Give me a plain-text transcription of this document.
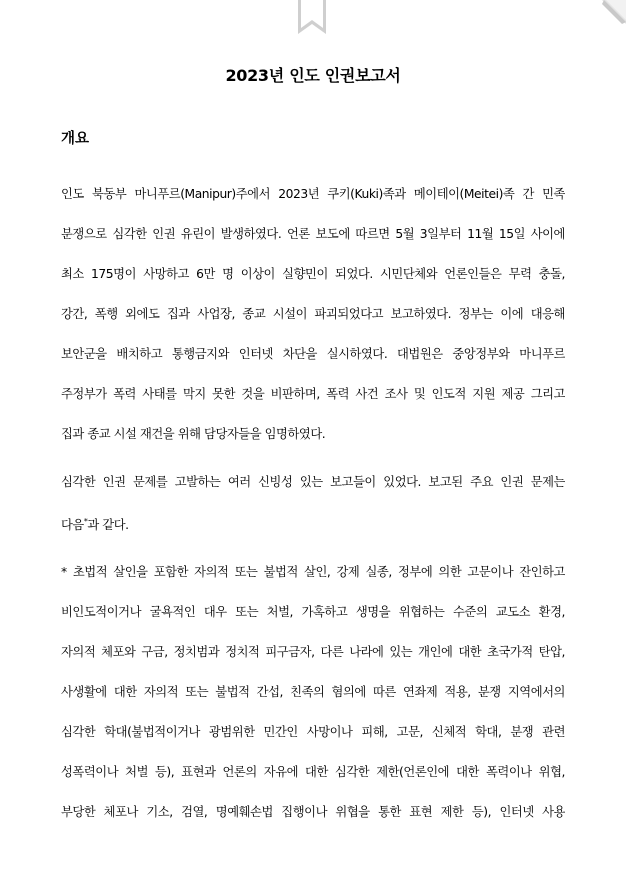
2023년 인도 인권보고서
개요
인도 북동부 마니푸르(Manipur)주에서 2023년 쿠키(Kuki)족과 메이테이(Meitei)족 간 민족
분쟁으로 심각한 인권 유린이 발생하였다. 언론 보도에 따르면 5월 3일부터 11월 15일 사이에
최소 175명이 사망하고 6만 명 이상이 실향민이 되었다. 시민단체와 언론인들은 무력 충돌,
강간, 폭행 외에도 집과 사업장, 종교 시설이 파괴되었다고 보고하였다. 정부는 이에 대응해
보안군을 배치하고 통행금지와 인터넷 차단을 실시하였다. 대법원은 중앙정부와 마니푸르
주정부가 폭력 사태를 막지 못한 것을 비판하며, 폭력 사건 조사 및 인도적 지원 제공 그리고
집과 종교 시설 재건을 위해 담당자들을 임명하였다.
심각한 인권 문제를 고발하는 여러 신빙성 있는 보고들이 있었다. 보고된 주요 인권 문제는
다음*과 같다.
* 초법적 살인을 포함한 자의적 또는 불법적 살인, 강제 실종, 정부에 의한 고문이나 잔인하고
비인도적이거나 굴욕적인 대우 또는 처벌, 가혹하고 생명을 위협하는 수준의 교도소 환경,
자의적 체포와 구금, 정치범과 정치적 피구금자, 다른 나라에 있는 개인에 대한 초국가적 탄압,
사생활에 대한 자의적 또는 불법적 간섭, 친족의 혐의에 따른 연좌제 적용, 분쟁 지역에서의
심각한 학대(불법적이거나 광범위한 민간인 사망이나 피해, 고문, 신체적 학대, 분쟁 관련
성폭력이나 처벌 등), 표현과 언론의 자유에 대한 심각한 제한(언론인에 대한 폭력이나 위협,
부당한 체포나 기소, 검열, 명예훼손법 집행이나 위협을 통한 표현 제한 등), 인터넷 사용
